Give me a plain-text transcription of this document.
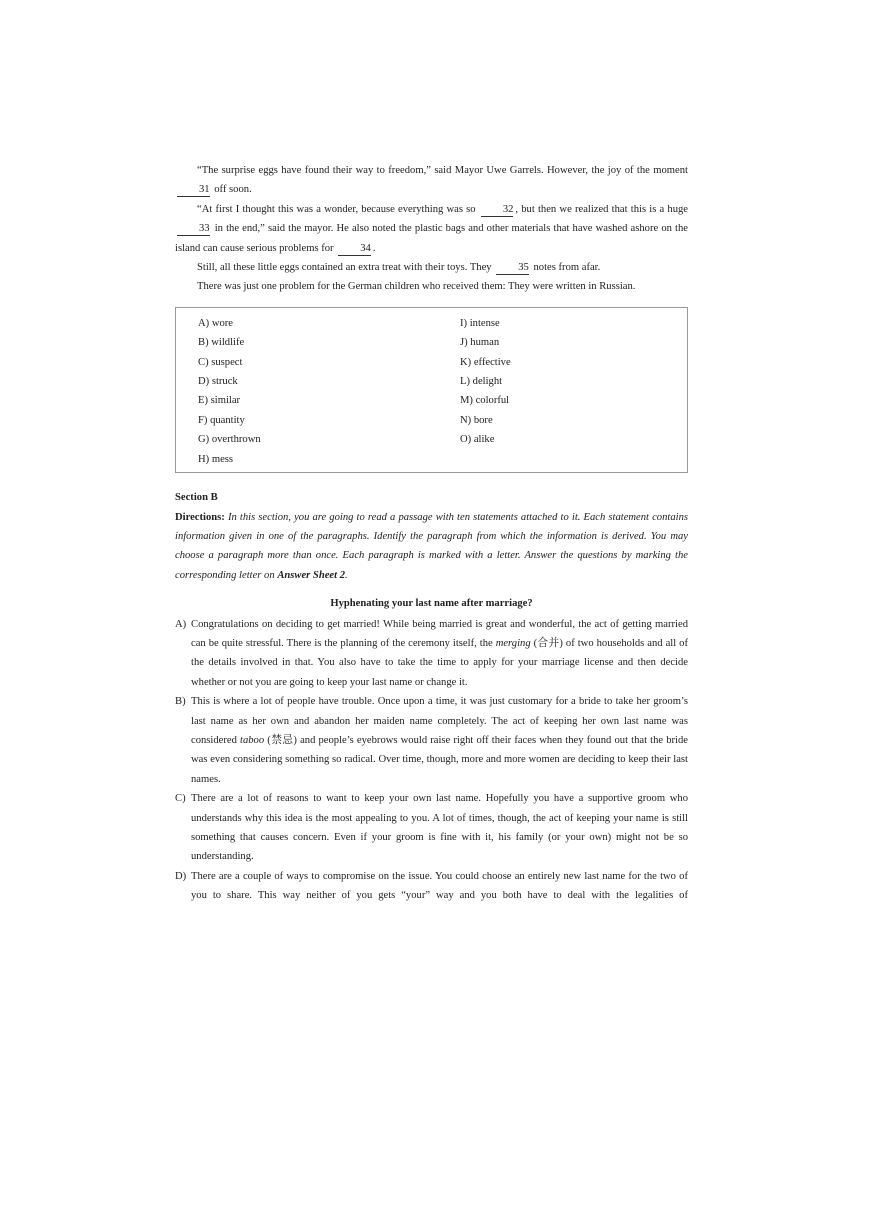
“The surprise eggs have found their way to freedom,” said Mayor Uwe Garrels. However, the joy of the moment 31 off soon.

“At first I thought this was a wonder, because everything was so	32 , but then we realized that this is a huge 33 in the end,” said the mayor. He also noted the plastic bags and other materials that have washed ashore on the island can cause serious problems for	34 .

Still, all these little eggs contained an extra treat with their toys. They	35 notes from afar.

There was just one problem for the German children who received them: They were written in Russian.

A) wore
B) wildlife
C) suspect
D) struck
E) similar
F) quantity
G) overthrown
H) mess
I) intense
J) human
K) effective
L) delight
M) colorful
N) bore
O) alike

Section B

Directions: In this section, you are going to read a passage with ten statements attached to it. Each statement contains information given in one of the paragraphs. Identify the paragraph from which the information is derived. You may choose a paragraph more than once. Each paragraph is marked with a letter. Answer the questions by marking the corresponding letter on Answer Sheet 2.

Hyphenating your last name after marriage?

A) Congratulations on deciding to get married! While being married is great and wonderful, the act of getting married can be quite stressful. There is the planning of the ceremony itself, the merging (合并) of two households and all of the details involved in that. You also have to take the time to apply for your marriage license and then decide whether or not you are going to keep your last name or change it.

B) This is where a lot of people have trouble. Once upon a time, it was just customary for a bride to take her groom’s last name as her own and abandon her maiden name completely. The act of keeping her own last name was considered taboo (禁忌) and people’s eyebrows would raise right off their faces when they found out that the bride was even considering something so radical. Over time, though, more and more women are deciding to keep their last names.

C) There are a lot of reasons to want to keep your own last name. Hopefully you have a supportive groom who understands why this idea is the most appealing to you. A lot of times, though, the act of keeping your name is still something that causes concern. Even if your groom is fine with it, his family (or your own) might not be so understanding.

D) There are a couple of ways to compromise on the issue. You could choose an entirely new last name for the two of you to share. This way neither of you gets “your” way and you both have to deal with the legalities of
